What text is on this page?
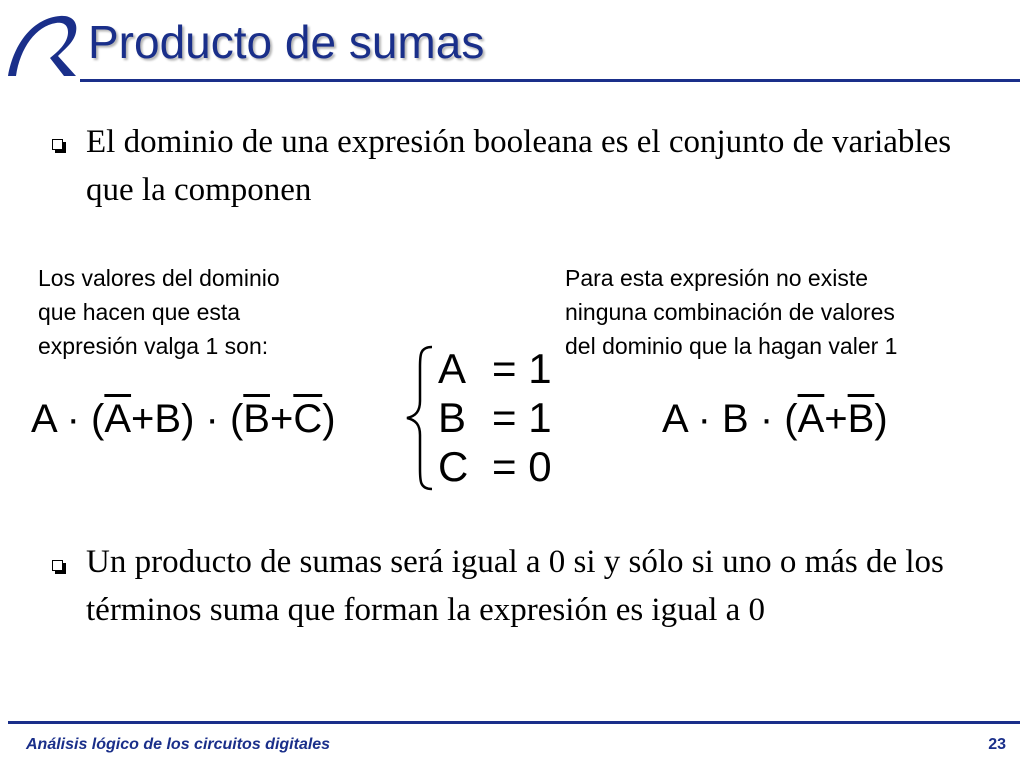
Producto de sumas
El dominio de una expresión booleana es el conjunto de variables que la componen
Los valores del dominio
que hacen que esta
expresión valga 1 son:
Para esta expresión no existe
ninguna combinación de valores
del dominio que la hagan valer 1
$A \cdot (\overline{A}+B) \cdot (\overline{B}+\overline{C})$
A = 1
B = 1
C = 0
$A \cdot B \cdot (\overline{A}+\overline{B})$
Un producto de sumas será igual a 0 si y sólo si uno o más de los términos suma que forman la expresión es igual a 0
Análisis lógico de los circuitos digitales	23
